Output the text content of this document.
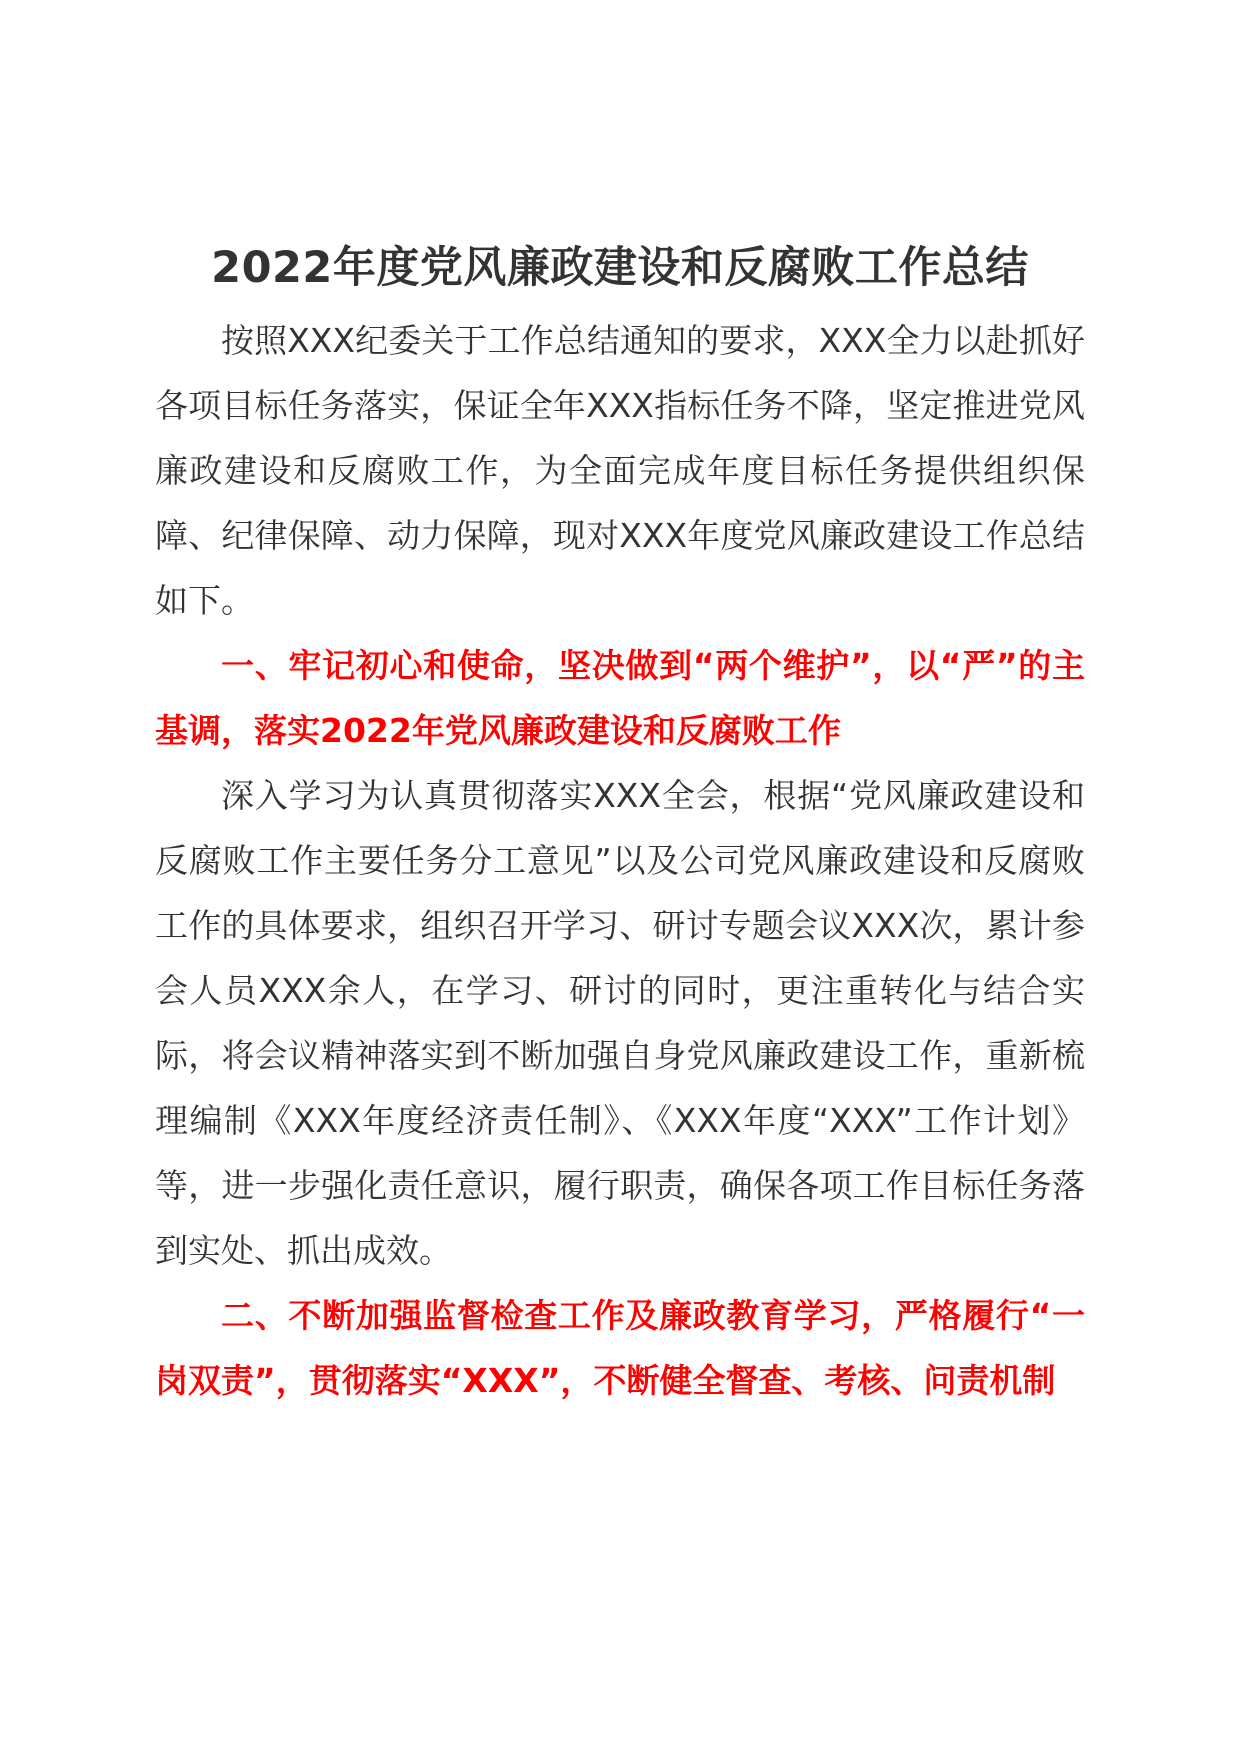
2022年度党风廉政建设和反腐败工作总结

按照XXX纪委关于工作总结通知的要求，XXX全力以赴抓好各项目标任务落实，保证全年XXX指标任务不降，坚定推进党风廉政建设和反腐败工作，为全面完成年度目标任务提供组织保障、纪律保障、动力保障，现对XXX年度党风廉政建设工作总结如下。

一、牢记初心和使命，坚决做到“两个维护”，以“严”的主基调，落实2022年党风廉政建设和反腐败工作

深入学习为认真贯彻落实XXX全会，根据“党风廉政建设和反腐败工作主要任务分工意见”以及公司党风廉政建设和反腐败工作的具体要求，组织召开学习、研讨专题会议XXX次，累计参会人员XXX余人，在学习、研讨的同时，更注重转化与结合实际，将会议精神落实到不断加强自身党风廉政建设工作，重新梳理编制《XXX年度经济责任制》、《XXX年度“XXX”工作计划》等，进一步强化责任意识，履行职责，确保各项工作目标任务落到实处、抓出成效。

二、不断加强监督检查工作及廉政教育学习，严格履行“一岗双责”，贯彻落实“XXX”，不断健全督查、考核、问责机制
